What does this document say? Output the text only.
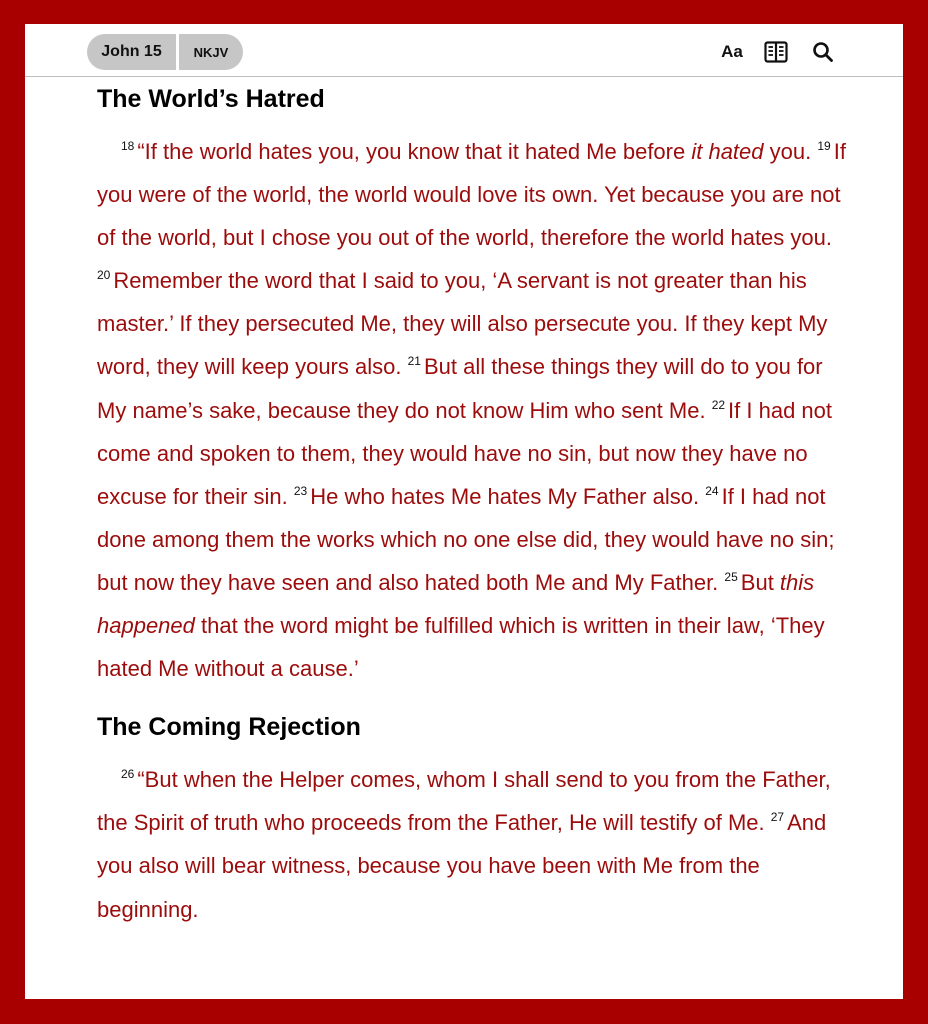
John 15	NKJV	Aa
The World’s Hatred

$^{18}$ “If the world hates you, you know that it hated Me before it hated you. $^{19}$ If you were of the world, the world would love its own. Yet because you are not of the world, but I chose you out of the world, therefore the world hates you. $^{20}$ Remember the word that I said to you, ‘A servant is not greater than his master.’ If they persecuted Me, they will also persecute you. If they kept My word, they will keep yours also. $^{21}$ But all these things they will do to you for My name’s sake, because they do not know Him who sent Me. $^{22}$ If I had not come and spoken to them, they would have no sin, but now they have no excuse for their sin. $^{23}$ He who hates Me hates My Father also. $^{24}$ If I had not done among them the works which no one else did, they would have no sin; but now they have seen and also hated both Me and My Father. $^{25}$ But this happened that the word might be fulfilled which is written in their law, ‘They hated Me without a cause.’

The Coming Rejection

$^{26}$ “But when the Helper comes, whom I shall send to you from the Father, the Spirit of truth who proceeds from the Father, He will testify of Me. $^{27}$ And you also will bear witness, because you have been with Me from the beginning.
